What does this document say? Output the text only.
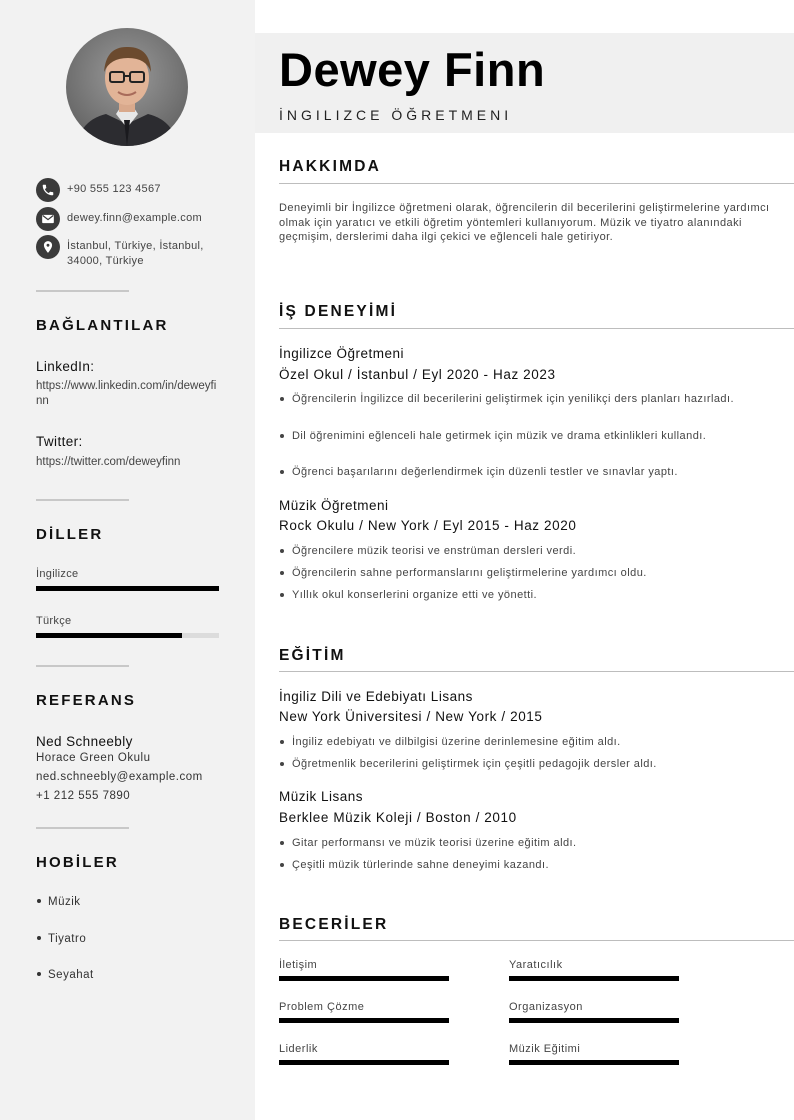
+90 555 123 4567
dewey.finn@example.com
İstanbul, Türkiye, İstanbul, 34000, Türkiye
BAĞLANTILAR
LinkedIn:
https://www.linkedin.com/in/deweyfinn
Twitter:
https://twitter.com/deweyfinn
DİLLER
İngilizce
Türkçe
REFERANS
Ned Schneebly
Horace Green Okulu
ned.schneebly@example.com
+1 212 555 7890
HOBİLER
Müzik
Tiyatro
Seyahat
Dewey Finn
İNGILIZCE ÖĞRETMENI
HAKKIMDA
Deneyimli bir İngilizce öğretmeni olarak, öğrencilerin dil becerilerini geliştirmelerine yardımcı olmak için yaratıcı ve etkili öğretim yöntemleri kullanıyorum. Müzik ve tiyatro alanındaki geçmişim, derslerimi daha ilgi çekici ve eğlenceli hale getiriyor.
İŞ DENEYİMİ
İngilizce Öğretmeni
Özel Okul / İstanbul / Eyl 2020 - Haz 2023
Öğrencilerin İngilizce dil becerilerini geliştirmek için yenilikçi ders planları hazırladı.
Dil öğrenimini eğlenceli hale getirmek için müzik ve drama etkinlikleri kullandı.
Öğrenci başarılarını değerlendirmek için düzenli testler ve sınavlar yaptı.
Müzik Öğretmeni
Rock Okulu / New York / Eyl 2015 - Haz 2020
Öğrencilere müzik teorisi ve enstrüman dersleri verdi.
Öğrencilerin sahne performanslarını geliştirmelerine yardımcı oldu.
Yıllık okul konserlerini organize etti ve yönetti.
EĞİTİM
İngiliz Dili ve Edebiyatı Lisans
New York Üniversitesi / New York / 2015
İngiliz edebiyatı ve dilbilgisi üzerine derinlemesine eğitim aldı.
Öğretmenlik becerilerini geliştirmek için çeşitli pedagojik dersler aldı.
Müzik Lisans
Berklee Müzik Koleji / Boston / 2010
Gitar performansı ve müzik teorisi üzerine eğitim aldı.
Çeşitli müzik türlerinde sahne deneyimi kazandı.
BECERİLER
İletişim	Yaratıcılık
Problem Çözme	Organizasyon
Liderlik	Müzik Eğitimi
